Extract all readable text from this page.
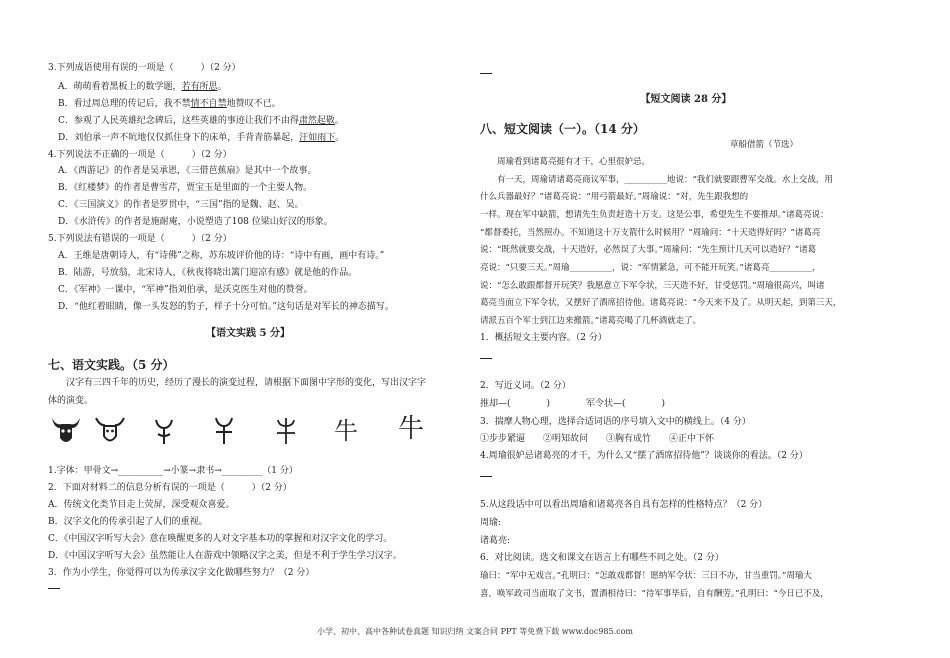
3.下列成语使用有误的一项是（　　　）（2 分）
A．萌萌看着黑板上的数学题，若有所思。
B．看过周总理的传记后，我不禁情不自禁地赞叹不已。
C．参观了人民英雄纪念碑后，这些英雄的事迹让我们不由得肃然起敬。
D．刘伯承一声不吭地仅仅抓住身下的床单，手背青筋暴起，汗如雨下。
4.下列说法不正确的一项是（　　　）（2 分）
A．《西游记》的作者是吴承恩，《三借芭蕉扇》是其中一个故事。
B．《红楼梦》的作者是曹雪芹，贾宝玉是里面的一个主要人物。
C．《三国演义》的作者是罗贯中，“三国”指的是魏、赵、吴。
D．《水浒传》的作者是施耐庵，小说塑造了108 位梁山好汉的形象。
5.下列说法有错误的一项是（　　　）（2 分）
A．王维是唐朝诗人，有“诗佛”之称，苏东坡评价他的诗：“诗中有画，画中有诗。”
B．陆游，号放翁，北宋诗人，《秋夜将晓出篱门迎凉有感》就是他的作品。
C．《军神》一课中，“军神”指刘伯承，是沃克医生对他的赞誉。
D．“他红着眼睛，像一头发怒的豹子，样子十分可怕。”这句话是对军长的神态描写。
【语文实践 5 分】
七、语文实践。（5 分）
汉字有三四千年的历史，经历了漫长的演变过程，请根据下面图中字形的变化，写出汉字字
体的演变。
牛 牛
1.字体：甲骨文→__________→小篆→隶书→_________（1 分）
2．下面对材料二的信息分析有误的一项是（　　　）（2 分）
A．传统文化类节目走上荧屏，深受观众喜爱。
B．汉字文化的传承引起了人们的重视。
C．《中国汉字听写大会》意在唤醒更多的人对文字基本功的掌握和对汉字文化的学习。
D．《中国汉字听写大会》虽然能让人在游戏中领略汉字之美，但是不利于学生学习汉字。
3．作为小学生，你觉得可以为传承汉字文化做哪些努力？（2 分）
【短文阅读 28 分】
八、短文阅读（一）。（14 分）
草船借箭（节选）
　　周瑜看到诸葛亮挺有才干，心里很妒忌。
　　有一天，周瑜请诸葛亮商议军事，__________地说：“我们就要跟曹军交战。水上交战，用
什么兵器最好？”诸葛亮说：“用弓箭最好。”周瑜说：“对，先生跟我想的
一样。现在军中缺箭，想请先生负责赶造十万支。这是公事，希望先生不要推却。”诸葛亮说：
“都督委托，当然照办。不知道这十万支箭什么时候用？”周瑜问：“十天造得好吗？”诸葛亮
说：“既然就要交战，十天造好，必然误了大事。”周瑜问：“先生预计几天可以造好？”诸葛
亮说：“只要三天。”周瑜__________，说：“军情紧急，可不能开玩笑。”诸葛亮__________，
说：“怎么敢跟都督开玩笑？我愿意立下军令状，三天造不好，甘受惩罚。”周瑜很高兴，叫诸
葛亮当面立下军令状，又摆好了酒席招待他。诸葛亮说：“今天来不及了。从明天起，到第三天，
请派五百个军士到江边来搬箭。”诸葛亮喝了几杯酒就走了。
1．概括短文主要内容。（2 分）
2．写近义词。（2 分）
推却—(　　　　)　　　　军令状—(　　　　)
3．揣摩人物心理，选择合适词语的序号填入文中的横线上。（4 分）
①步步紧逼　　②明知故问　　③胸有成竹　　④正中下怀
4.周瑜很妒忌诸葛亮的才干，为什么又“摆了酒席招待他”？谈谈你的看法。（2 分）
5.从这段话中可以看出周瑜和诸葛亮各自具有怎样的性格特点？（2 分）
周瑜:
诸葛亮:
6．对比阅读。选文和课文在语言上有哪些不同之处。（2 分）
瑜曰：“军中无戏言。”孔明曰：“怎敢戏都督！愿纳军令状：三日不办，甘当重罚。”周瑜大
喜，唤军政司当面取了文书，置酒相待曰：“待军事毕后，自有酬劳。”孔明曰：“今日已不及，
小学、初中、高中各种试卷真题 知识归纳 文案合同 PPT 等免费下载 www.doc985.com
